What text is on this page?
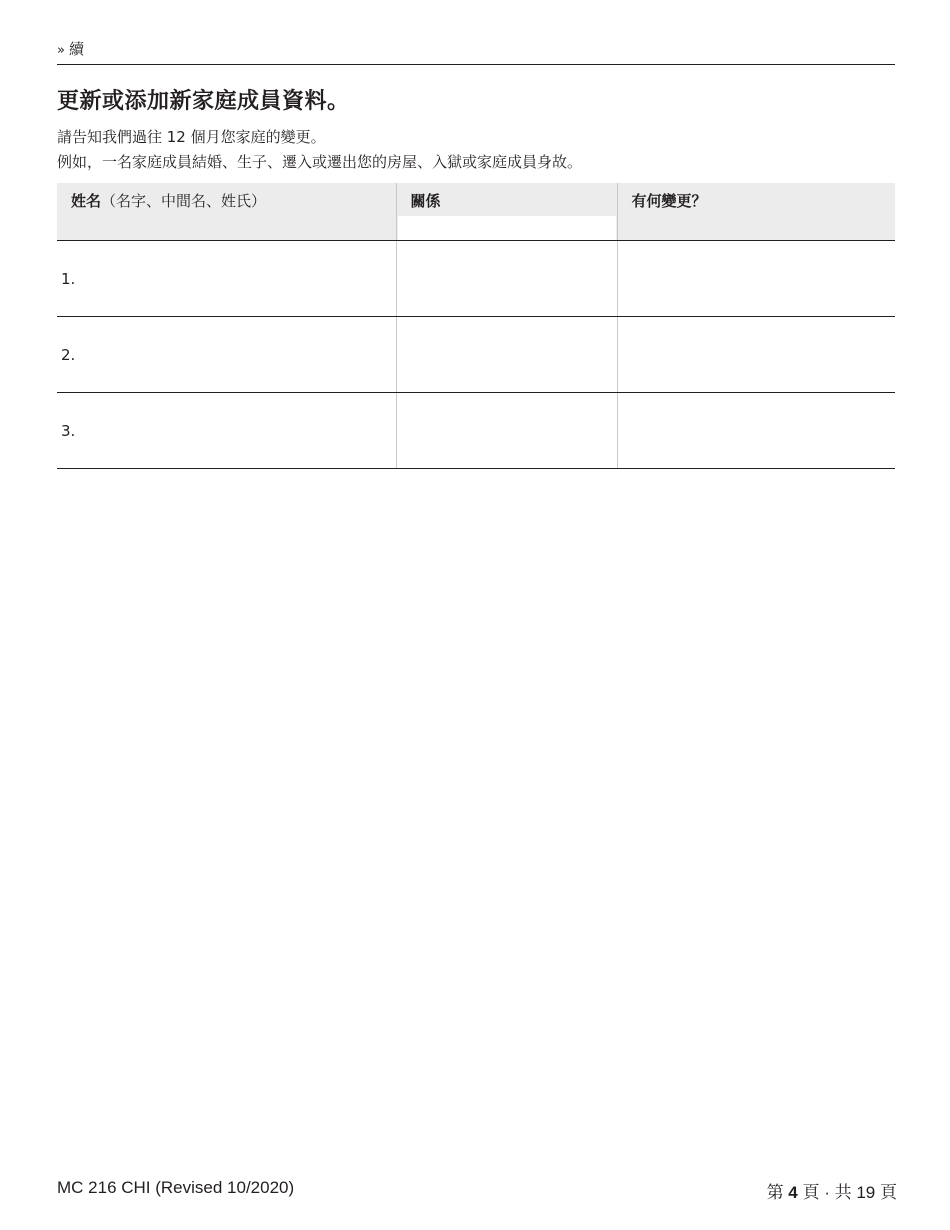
» 續
更新或添加新家庭成員資料。
請告知我們過往 12 個月您家庭的變更。
例如，一名家庭成員結婚、生子、遷入或遷出您的房屋、入獄或家庭成員身故。
姓名（名字、中間名、姓氏）	關係	有何變更？
1.		
2.		
3.		
MC 216 CHI (Revised 10/2020)	第 4 頁 · 共 19 頁
